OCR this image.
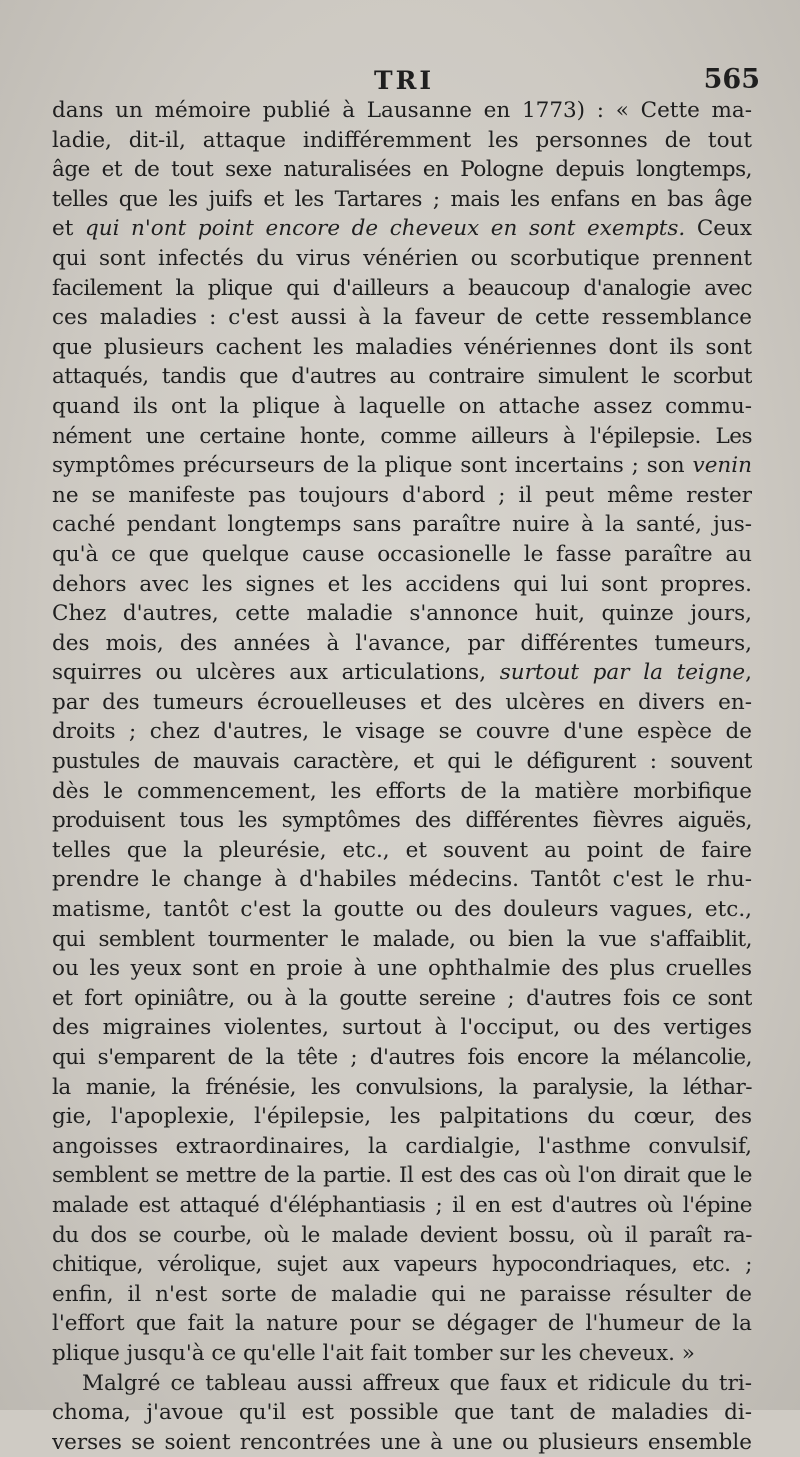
TRI	565
dans un mémoire publié à Lausanne en 1773) : « Cette ma-
ladie, dit-il, attaque indifféremment les personnes de tout
âge et de tout sexe naturalisées en Pologne depuis longtemps,
telles que les juifs et les Tartares ; mais les enfans en bas âge
et qui n'ont point encore de cheveux en sont exempts. Ceux
qui sont infectés du virus vénérien ou scorbutique prennent
facilement la plique qui d'ailleurs a beaucoup d'analogie avec
ces maladies : c'est aussi à la faveur de cette ressemblance
que plusieurs cachent les maladies vénériennes dont ils sont
attaqués, tandis que d'autres au contraire simulent le scorbut
quand ils ont la plique à laquelle on attache assez commu-
nément une certaine honte, comme ailleurs à l'épilepsie. Les
symptômes précurseurs de la plique sont incertains ; son venin
ne se manifeste pas toujours d'abord ; il peut même rester
caché pendant longtemps sans paraître nuire à la santé, jus-
qu'à ce que quelque cause occasionelle le fasse paraître au
dehors avec les signes et les accidens qui lui sont propres.
Chez d'autres, cette maladie s'annonce huit, quinze jours,
des mois, des années à l'avance, par différentes tumeurs,
squirres ou ulcères aux articulations, surtout par la teigne,
par des tumeurs écrouelleuses et des ulcères en divers en-
droits ; chez d'autres, le visage se couvre d'une espèce de
pustules de mauvais caractère, et qui le défigurent : souvent
dès le commencement, les efforts de la matière morbifique
produisent tous les symptômes des différentes fièvres aiguës,
telles que la pleurésie, etc., et souvent au point de faire
prendre le change à d'habiles médecins. Tantôt c'est le rhu-
matisme, tantôt c'est la goutte ou des douleurs vagues, etc.,
qui semblent tourmenter le malade, ou bien la vue s'affaiblit,
ou les yeux sont en proie à une ophthalmie des plus cruelles
et fort opiniâtre, ou à la goutte sereine ; d'autres fois ce sont
des migraines violentes, surtout à l'occiput, ou des vertiges
qui s'emparent de la tête ; d'autres fois encore la mélancolie,
la manie, la frénésie, les convulsions, la paralysie, la léthar-
gie, l'apoplexie, l'épilepsie, les palpitations du cœur, des
angoisses extraordinaires, la cardialgie, l'asthme convulsif,
semblent se mettre de la partie. Il est des cas où l'on dirait que le
malade est attaqué d'éléphantiasis ; il en est d'autres où l'épine
du dos se courbe, où le malade devient bossu, où il paraît ra-
chitique, vérolique, sujet aux vapeurs hypocondriaques, etc. ;
enfin, il n'est sorte de maladie qui ne paraisse résulter de
l'effort que fait la nature pour se dégager de l'humeur de la
plique jusqu'à ce qu'elle l'ait fait tomber sur les cheveux. »
Malgré ce tableau aussi affreux que faux et ridicule du tri-
choma, j'avoue qu'il est possible que tant de maladies di-
verses se soient rencontrées une à une ou plusieurs ensemble
